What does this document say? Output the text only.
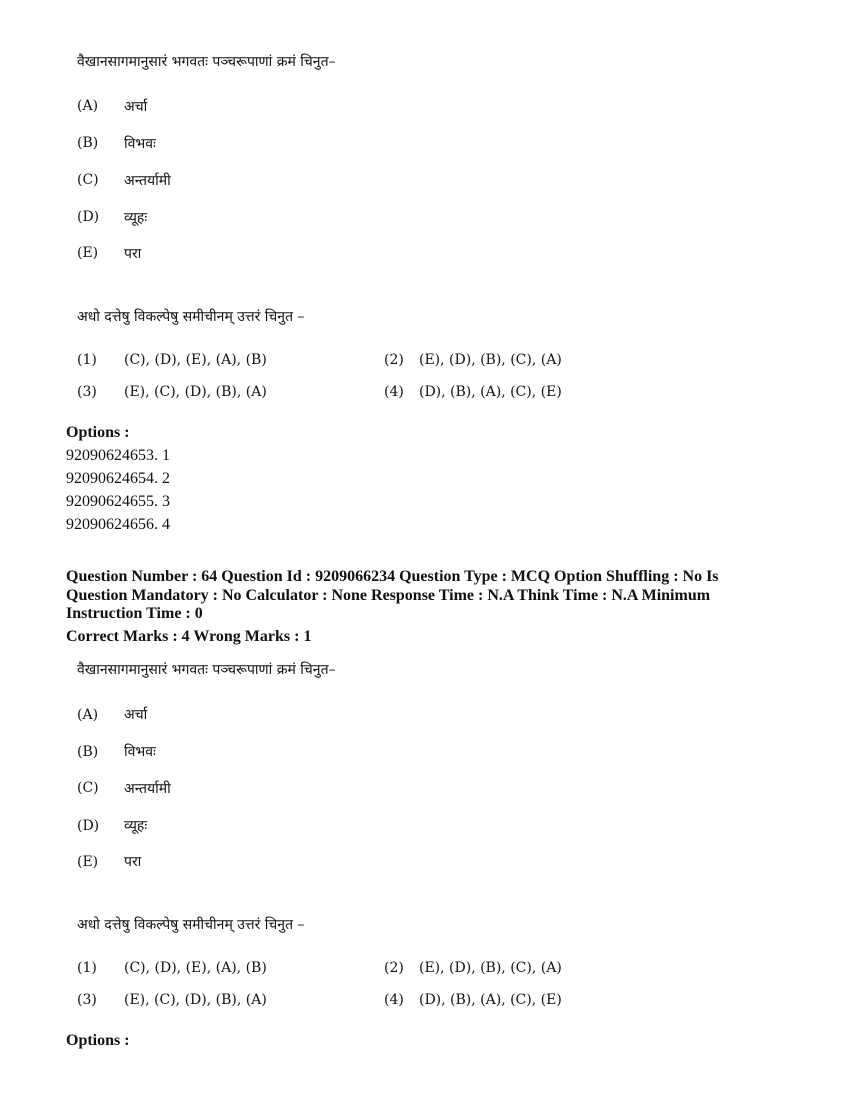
वैखानसागमानुसारं भगवतः पञ्चरूपाणां क्रमं चिनुत–
(A) अर्चा
(B) विभवः
(C) अन्तर्यामी
(D) व्यूहः
(E) परा
अधो दत्तेषु विकल्पेषु समीचीनम् उत्तरं चिनुत –
(1) (C), (D), (E), (A), (B)	(2) (E), (D), (B), (C), (A)
(3) (E), (C), (D), (B), (A)	(4) (D), (B), (A), (C), (E)
Options :
92090624653. 1
92090624654. 2
92090624655. 3
92090624656. 4
Question Number : 64 Question Id : 9209066234 Question Type : MCQ Option Shuffling : No Is
Question Mandatory : No Calculator : None Response Time : N.A Think Time : N.A Minimum
Instruction Time : 0
Correct Marks : 4 Wrong Marks : 1
वैखानसागमानुसारं भगवतः पञ्चरूपाणां क्रमं चिनुत–
(A) अर्चा
(B) विभवः
(C) अन्तर्यामी
(D) व्यूहः
(E) परा
अधो दत्तेषु विकल्पेषु समीचीनम् उत्तरं चिनुत –
(1) (C), (D), (E), (A), (B)	(2) (E), (D), (B), (C), (A)
(3) (E), (C), (D), (B), (A)	(4) (D), (B), (A), (C), (E)
Options :
